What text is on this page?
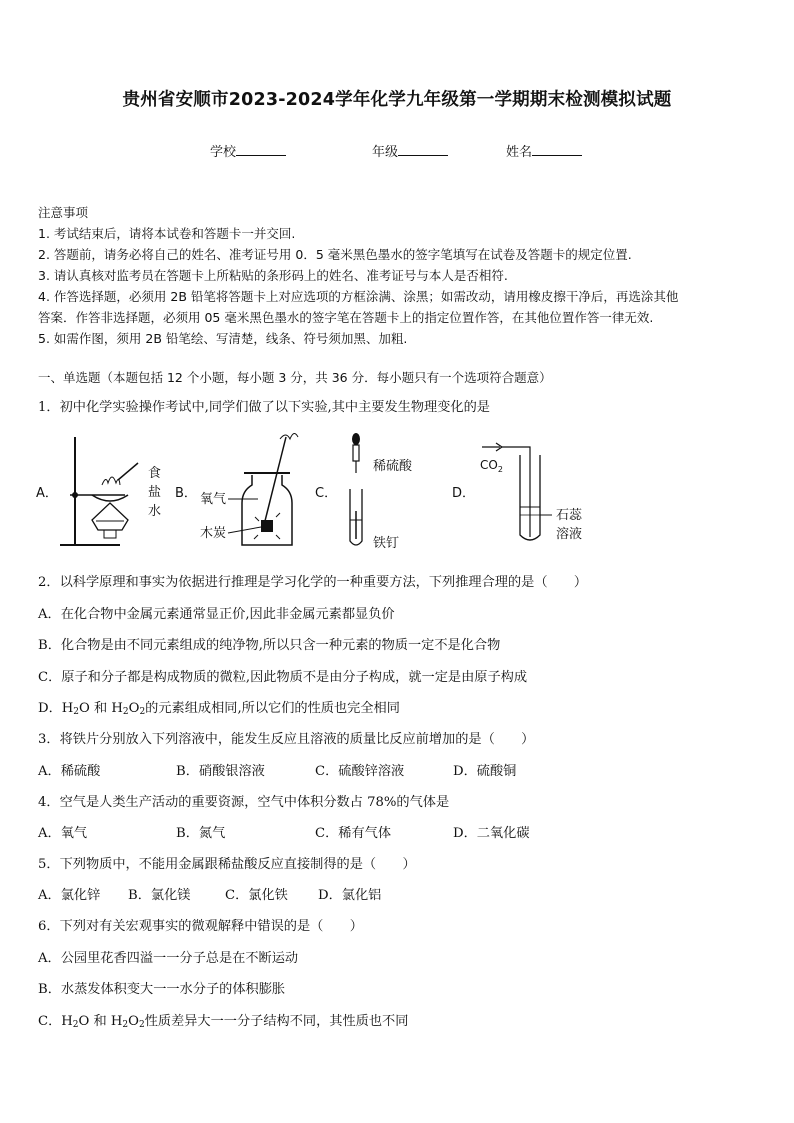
贵州省安顺市2023-2024学年化学九年级第一学期期末检测模拟试题
学校	年级	姓名
注意事项
1. 考试结束后，请将本试卷和答题卡一并交回.
2. 答题前，请务必将自己的姓名、准考证号用 0．5 毫米黑色墨水的签字笔填写在试卷及答题卡的规定位置.
3. 请认真核对监考员在答题卡上所粘贴的条形码上的姓名、准考证号与本人是否相符.
4. 作答选择题，必须用 2B 铅笔将答题卡上对应选项的方框涂满、涂黑；如需改动，请用橡皮擦干净后，再选涂其他
答案．作答非选择题，必须用 05 毫米黑色墨水的签字笔在答题卡上的指定位置作答，在其他位置作答一律无效.
5. 如需作图，须用 2B 铅笔绘、写清楚，线条、符号须加黑、加粗.
一、单选题（本题包括 12 个小题，每小题 3 分，共 36 分．每小题只有一个选项符合题意）
1．初中化学实验操作考试中,同学们做了以下实验,其中主要发生物理变化的是
A．
食
盐
水
B． 氧气
木炭
C．
稀硫酸
铁钉
D．
$CO_2$
石蕊
溶液
2．以科学原理和事实为依据进行推理是学习化学的一种重要方法，下列推理合理的是（　　）
A．在化合物中金属元素通常显正价,因此非金属元素都显负价
B．化合物是由不同元素组成的纯净物,所以只含一种元素的物质一定不是化合物
C．原子和分子都是构成物质的微粒,因此物质不是由分子构成，就一定是由原子构成
D．$H_2O$ 和 $H_2O_2$的元素组成相同,所以它们的性质也完全相同
3．将铁片分别放入下列溶液中，能发生反应且溶液的质量比反应前增加的是（　　）
A．稀硫酸	B．硝酸银溶液	C．硫酸锌溶液	D．硫酸铜
4．空气是人类生产活动的重要资源，空气中体积分数占 78%的气体是
A．氧气	B．氮气	C．稀有气体	D．二氧化碳
5．下列物质中，不能用金属跟稀盐酸反应直接制得的是（　　）
A．氯化锌 B．氯化镁	C．氯化铁 D．氯化铝
6．下列对有关宏观事实的微观解释中错误的是（　　）
A．公园里花香四溢一一分子总是在不断运动
B．水蒸发体积变大一一水分子的体积膨胀
C．$H_2O$ 和 $H_2O_2$性质差异大一一分子结构不同，其性质也不同
